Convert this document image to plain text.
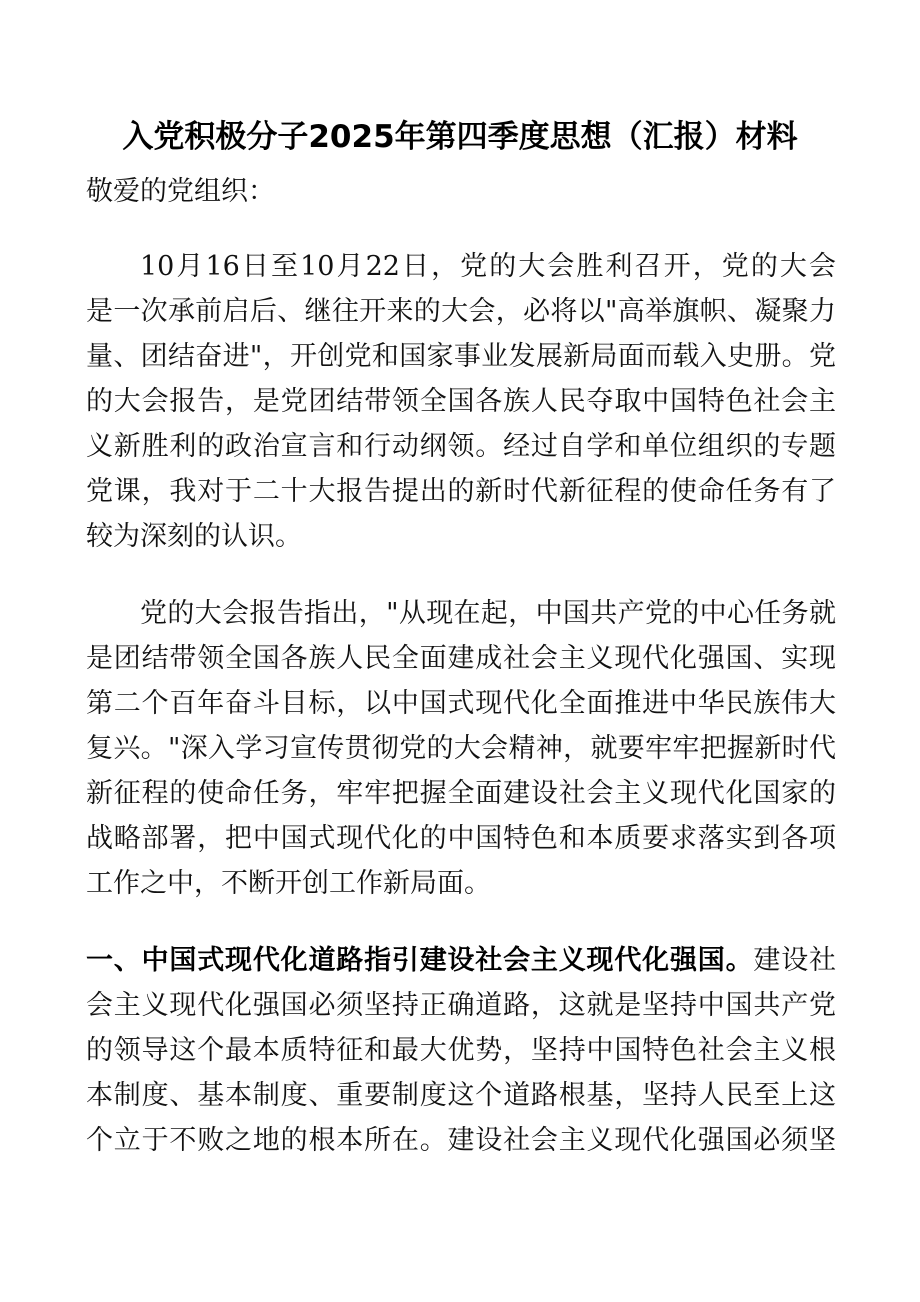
入党积极分子2025年第四季度思想（汇报）材料
敬爱的党组织：
10月16日至10月22日，党的大会胜利召开，党的大会
是一次承前启后、继往开来的大会，必将以"高举旗帜、凝聚力
量、团结奋进"，开创党和国家事业发展新局面而载入史册。党
的大会报告，是党团结带领全国各族人民夺取中国特色社会主
义新胜利的政治宣言和行动纲领。经过自学和单位组织的专题
党课，我对于二十大报告提出的新时代新征程的使命任务有了
较为深刻的认识。
党的大会报告指出，"从现在起，中国共产党的中心任务就
是团结带领全国各族人民全面建成社会主义现代化强国、实现
第二个百年奋斗目标，以中国式现代化全面推进中华民族伟大
复兴。"深入学习宣传贯彻党的大会精神，就要牢牢把握新时代
新征程的使命任务，牢牢把握全面建设社会主义现代化国家的
战略部署，把中国式现代化的中国特色和本质要求落实到各项
工作之中，不断开创工作新局面。
一、中国式现代化道路指引建设社会主义现代化强国。建设社
会主义现代化强国必须坚持正确道路，这就是坚持中国共产党
的领导这个最本质特征和最大优势，坚持中国特色社会主义根
本制度、基本制度、重要制度这个道路根基，坚持人民至上这
个立于不败之地的根本所在。建设社会主义现代化强国必须坚
